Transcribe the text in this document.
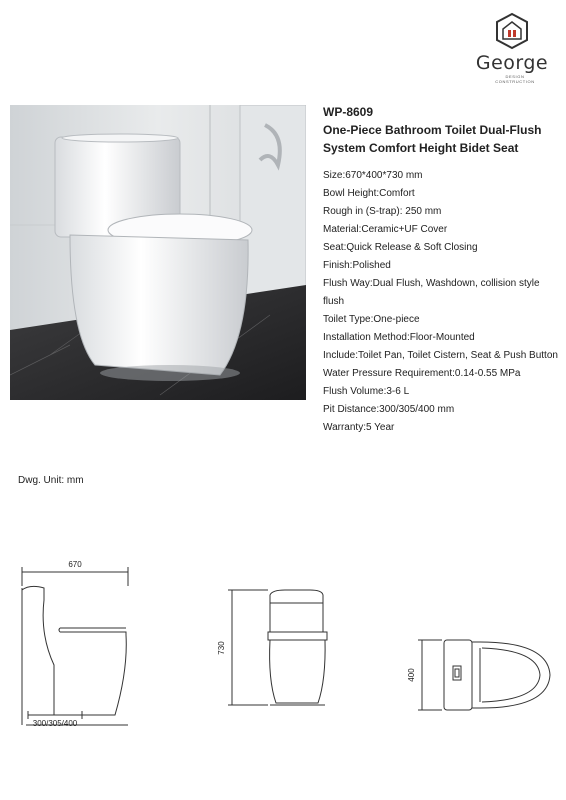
George
DESIGN CONSTRUCTION

WP-8609

One-Piece Bathroom Toilet Dual-Flush System Comfort Height Bidet Seat

Size:670*400*730 mm
Bowl Height:Comfort
Rough in (S-trap): 250 mm
Material:Ceramic+UF Cover
Seat:Quick Release & Soft Closing
Finish:Polished
Flush Way:Dual Flush, Washdown, collision style flush
Toilet Type:One-piece
Installation Method:Floor-Mounted
Include:Toilet Pan, Toilet Cistern, Seat & Push Button
Water Pressure Requirement:0.14-0.55 MPa
Flush Volume:3-6 L
Pit Distance:300/305/400 mm
Warranty:5 Year
Dwg. Unit: mm
670
300/305/400
730
400
